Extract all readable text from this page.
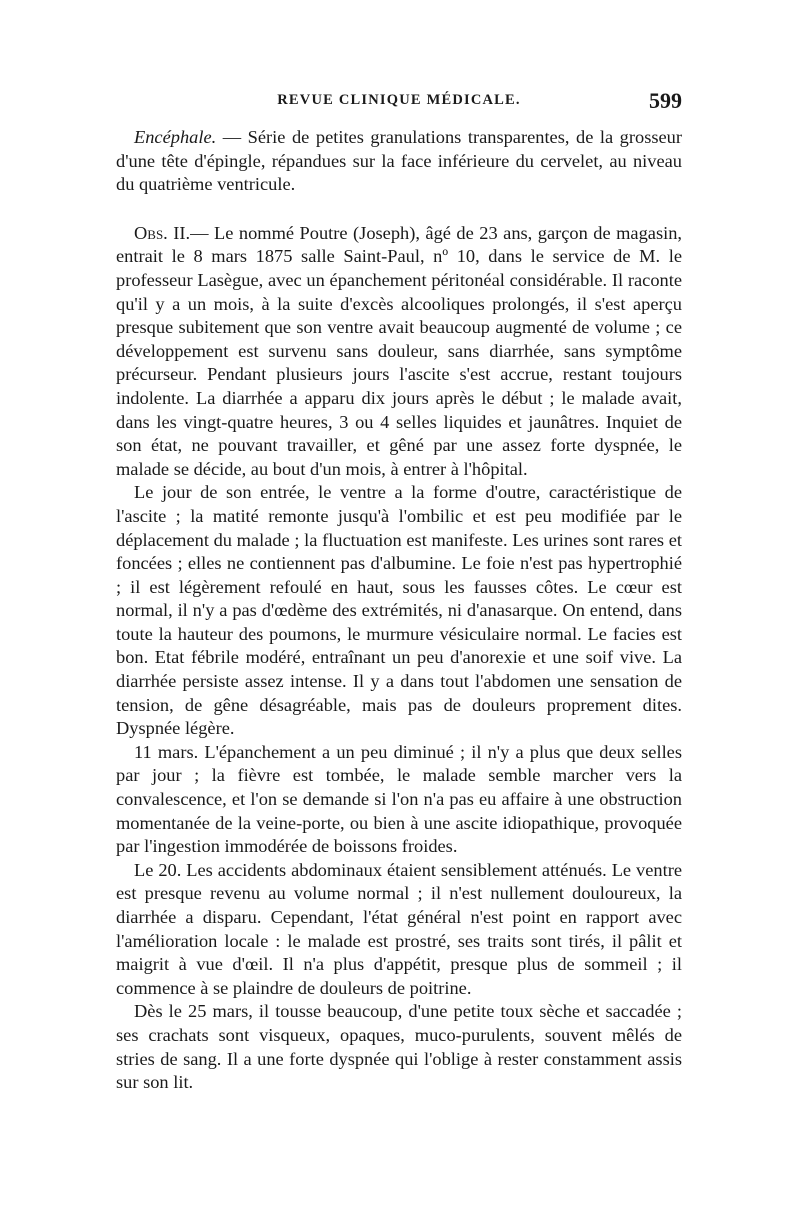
REVUE CLINIQUE MÉDICALE.	599

Encéphale. — Série de petites granulations transparentes, de la grosseur d'une tête d'épingle, répandues sur la face inférieure du cervelet, au niveau du quatrième ventricule.

Obs. II.— Le nommé Poutre (Joseph), âgé de 23 ans, garçon de magasin, entrait le 8 mars 1875 salle Saint-Paul, nº 10, dans le service de M. le professeur Lasègue, avec un épanchement péritonéal considérable. Il raconte qu'il y a un mois, à la suite d'excès alcooliques prolongés, il s'est aperçu presque subitement que son ventre avait beaucoup augmenté de volume ; ce développement est survenu sans douleur, sans diarrhée, sans symptôme précurseur. Pendant plusieurs jours l'ascite s'est accrue, restant toujours indolente. La diarrhée a apparu dix jours après le début ; le malade avait, dans les vingt-quatre heures, 3 ou 4 selles liquides et jaunâtres. Inquiet de son état, ne pouvant travailler, et gêné par une assez forte dyspnée, le malade se décide, au bout d'un mois, à entrer à l'hôpital.

Le jour de son entrée, le ventre a la forme d'outre, caractéristique de l'ascite ; la matité remonte jusqu'à l'ombilic et est peu modifiée par le déplacement du malade ; la fluctuation est manifeste. Les urines sont rares et foncées ; elles ne contiennent pas d'albumine. Le foie n'est pas hypertrophié ; il est légèrement refoulé en haut, sous les fausses côtes. Le cœur est normal, il n'y a pas d'œdème des extrémités, ni d'anasarque. On entend, dans toute la hauteur des poumons, le murmure vésiculaire normal. Le facies est bon. Etat fébrile modéré, entraînant un peu d'anorexie et une soif vive. La diarrhée persiste assez intense. Il y a dans tout l'abdomen une sensation de tension, de gêne désagréable, mais pas de douleurs proprement dites. Dyspnée légère.

11 mars. L'épanchement a un peu diminué ; il n'y a plus que deux selles par jour ; la fièvre est tombée, le malade semble marcher vers la convalescence, et l'on se demande si l'on n'a pas eu affaire à une obstruction momentanée de la veine-porte, ou bien à une ascite idiopathique, provoquée par l'ingestion immodérée de boissons froides.

Le 20. Les accidents abdominaux étaient sensiblement atténués. Le ventre est presque revenu au volume normal ; il n'est nullement douloureux, la diarrhée a disparu. Cependant, l'état général n'est point en rapport avec l'amélioration locale : le malade est prostré, ses traits sont tirés, il pâlit et maigrit à vue d'œil. Il n'a plus d'appétit, presque plus de sommeil ; il commence à se plaindre de douleurs de poitrine.

Dès le 25 mars, il tousse beaucoup, d'une petite toux sèche et saccadée ; ses crachats sont visqueux, opaques, muco-purulents, souvent mêlés de stries de sang. Il a une forte dyspnée qui l'oblige à rester constamment assis sur son lit.
